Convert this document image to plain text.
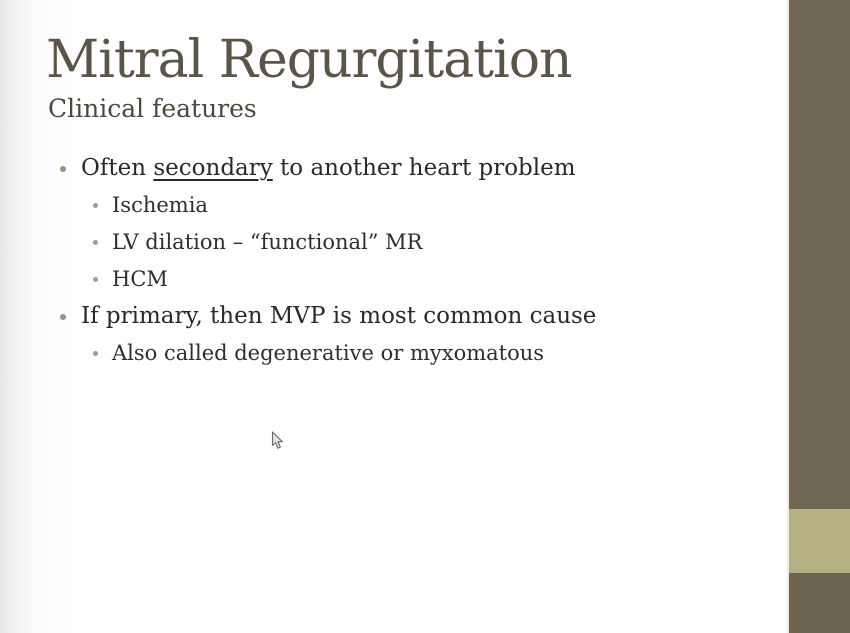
Mitral Regurgitation
Clinical features
Often secondary to another heart problem
Ischemia
LV dilation – “functional” MR
HCM
If primary, then MVP is most common cause
Also called degenerative or myxomatous
